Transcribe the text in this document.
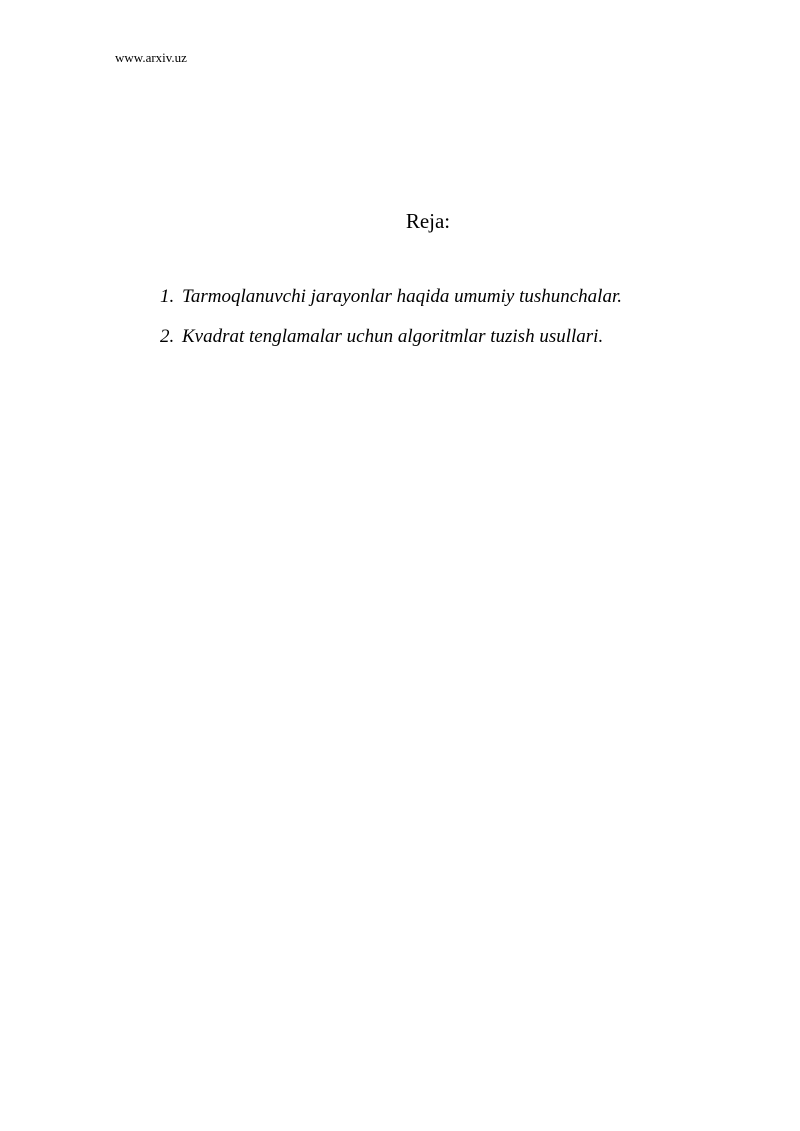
www.arxiv.uz
Reja:
1. Tarmoqlanuvchi jarayonlar haqida umumiy tushunchalar.
2. Kvadrat tenglamalar uchun algoritmlar tuzish usullari.
